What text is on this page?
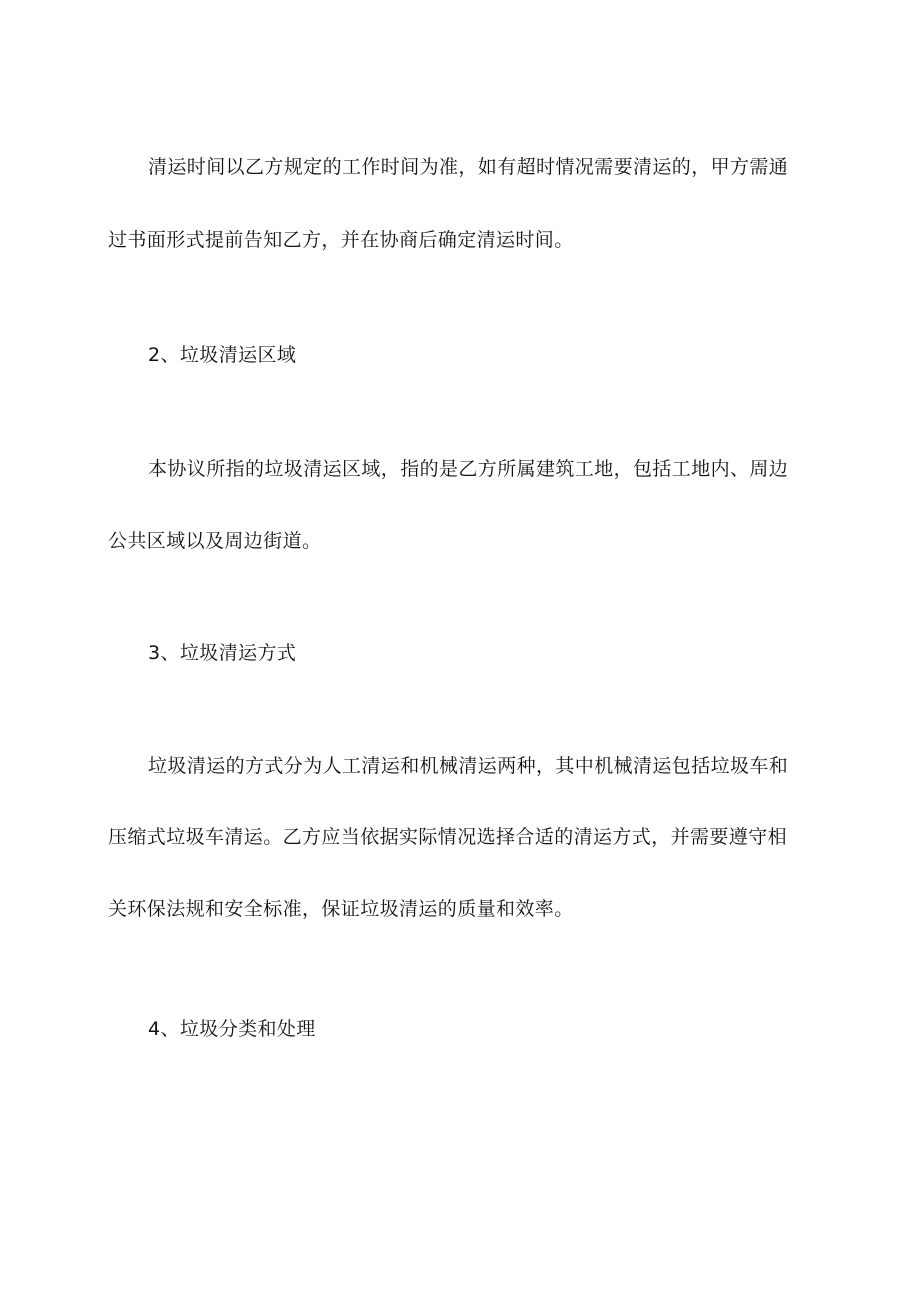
清运时间以乙方规定的工作时间为准，如有超时情况需要清运的，甲方需通
过书面形式提前告知乙方，并在协商后确定清运时间。
2、垃圾清运区域
本协议所指的垃圾清运区域，指的是乙方所属建筑工地，包括工地内、周边
公共区域以及周边街道。
3、垃圾清运方式
垃圾清运的方式分为人工清运和机械清运两种，其中机械清运包括垃圾车和
压缩式垃圾车清运。乙方应当依据实际情况选择合适的清运方式，并需要遵守相
关环保法规和安全标准，保证垃圾清运的质量和效率。
4、垃圾分类和处理
